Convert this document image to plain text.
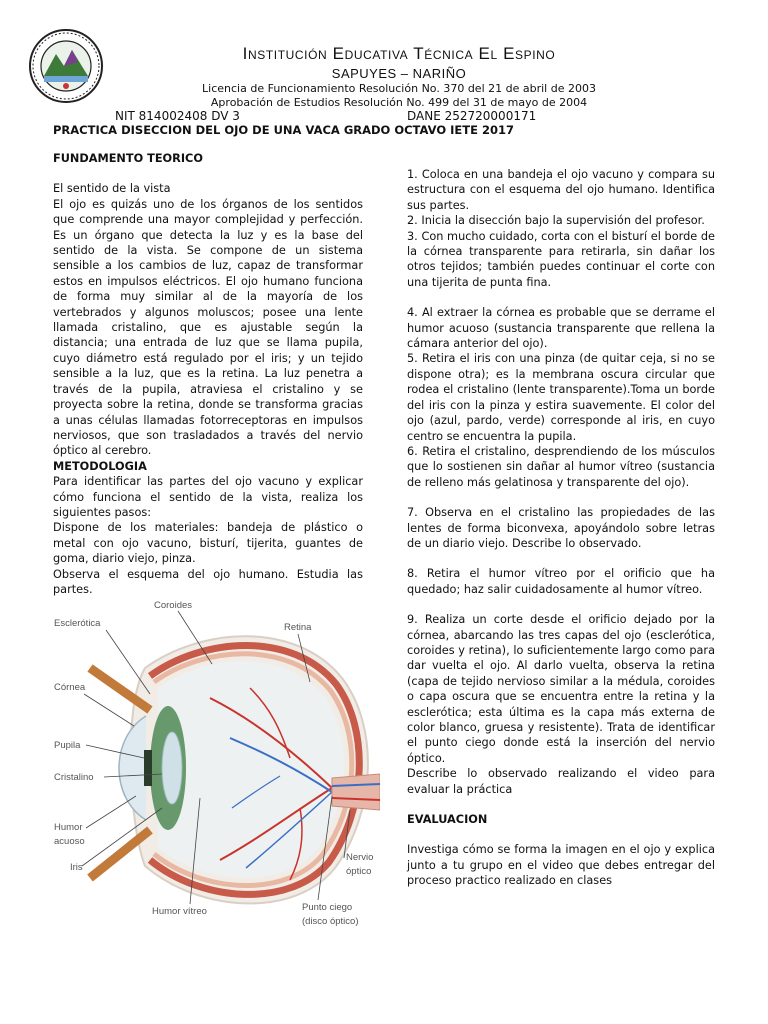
Institución Educativa Técnica El Espino
SAPUYES – NARIÑO
Licencia de Funcionamiento Resolución No. 370 del 21 de abril de 2003
Aprobación de Estudios Resolución No. 499 del 31 de mayo de 2004
NIT 814002408 DV 3	DANE 252720000171
PRACTICA DISECCION DEL OJO DE UNA VACA GRADO OCTAVO IETE 2017

FUNDAMENTO TEORICO

El sentido de la vista

El ojo es quizás uno de los órganos de los sentidos que comprende una mayor complejidad y perfección. Es un órgano que detecta la luz y es la base del sentido de la vista. Se compone de un sistema sensible a los cambios de luz, capaz de transformar estos en impulsos eléctricos. El ojo humano funciona de forma muy similar al de la mayoría de los vertebrados y algunos moluscos; posee una lente llamada cristalino, que es ajustable según la distancia; una entrada de luz que se llama pupila, cuyo diámetro está regulado por el iris; y un tejido sensible a la luz, que es la retina. La luz penetra a través de la pupila, atraviesa el cristalino y se proyecta sobre la retina, donde se transforma gracias a unas células llamadas fotorreceptoras en impulsos nerviosos, que son trasladados a través del nervio óptico al cerebro.

METODOLOGIA

Para identificar las partes del ojo vacuno y explicar cómo funciona el sentido de la vista, realiza los siguientes pasos:

Dispone de los materiales: bandeja de plástico o metal con ojo vacuno, bisturí, tijerita, guantes de goma, diario viejo, pinza.

Observa el esquema del ojo humano. Estudia las partes.

Coroides
Esclerótica	Retina
Córnea
Pupila
Cristalino
Humor
acuoso
Iris
Humor vítreo
Nervio
óptico
Punto ciego
(disco óptico)

1. Coloca en una bandeja el ojo vacuno y compara su estructura con el esquema del ojo humano. Identifica sus partes.

2. Inicia la disección bajo la supervisión del profesor.

3. Con mucho cuidado, corta con el bisturí el borde de la córnea transparente para retirarla, sin dañar los otros tejidos; también puedes continuar el corte con una tijerita de punta fina.

4. Al extraer la córnea es probable que se derrame el humor acuoso (sustancia transparente que rellena la cámara anterior del ojo).

5. Retira el iris con una pinza (de quitar ceja, si no se dispone otra); es la membrana oscura circular que rodea el cristalino (lente transparente).Toma un borde del iris con la pinza y estira suavemente. El color del ojo (azul, pardo, verde) corresponde al iris, en cuyo centro se encuentra la pupila.

6. Retira el cristalino, desprendiendo de los músculos que lo sostienen sin dañar al humor vítreo (sustancia de relleno más gelatinosa y transparente del ojo).

7. Observa en el cristalino las propiedades de las lentes de forma biconvexa, apoyándolo sobre letras de un diario viejo. Describe lo observado.

8. Retira el humor vítreo por el orificio que ha quedado; haz salir cuidadosamente al humor vítreo.

9. Realiza un corte desde el orificio dejado por la córnea, abarcando las tres capas del ojo (esclerótica, coroides y retina), lo suficientemente largo como para dar vuelta el ojo. Al darlo vuelta, observa la retina (capa de tejido nervioso similar a la médula, coroides o capa oscura que se encuentra entre la retina y la esclerótica; esta última es la capa más externa de color blanco, gruesa y resistente). Trata de identificar el punto ciego donde está la inserción del nervio óptico.

Describe lo observado realizando el video para evaluar la práctica

EVALUACION

Investiga cómo se forma la imagen en el ojo y explica junto a tu grupo en el video que debes entregar del proceso practico realizado en clases
